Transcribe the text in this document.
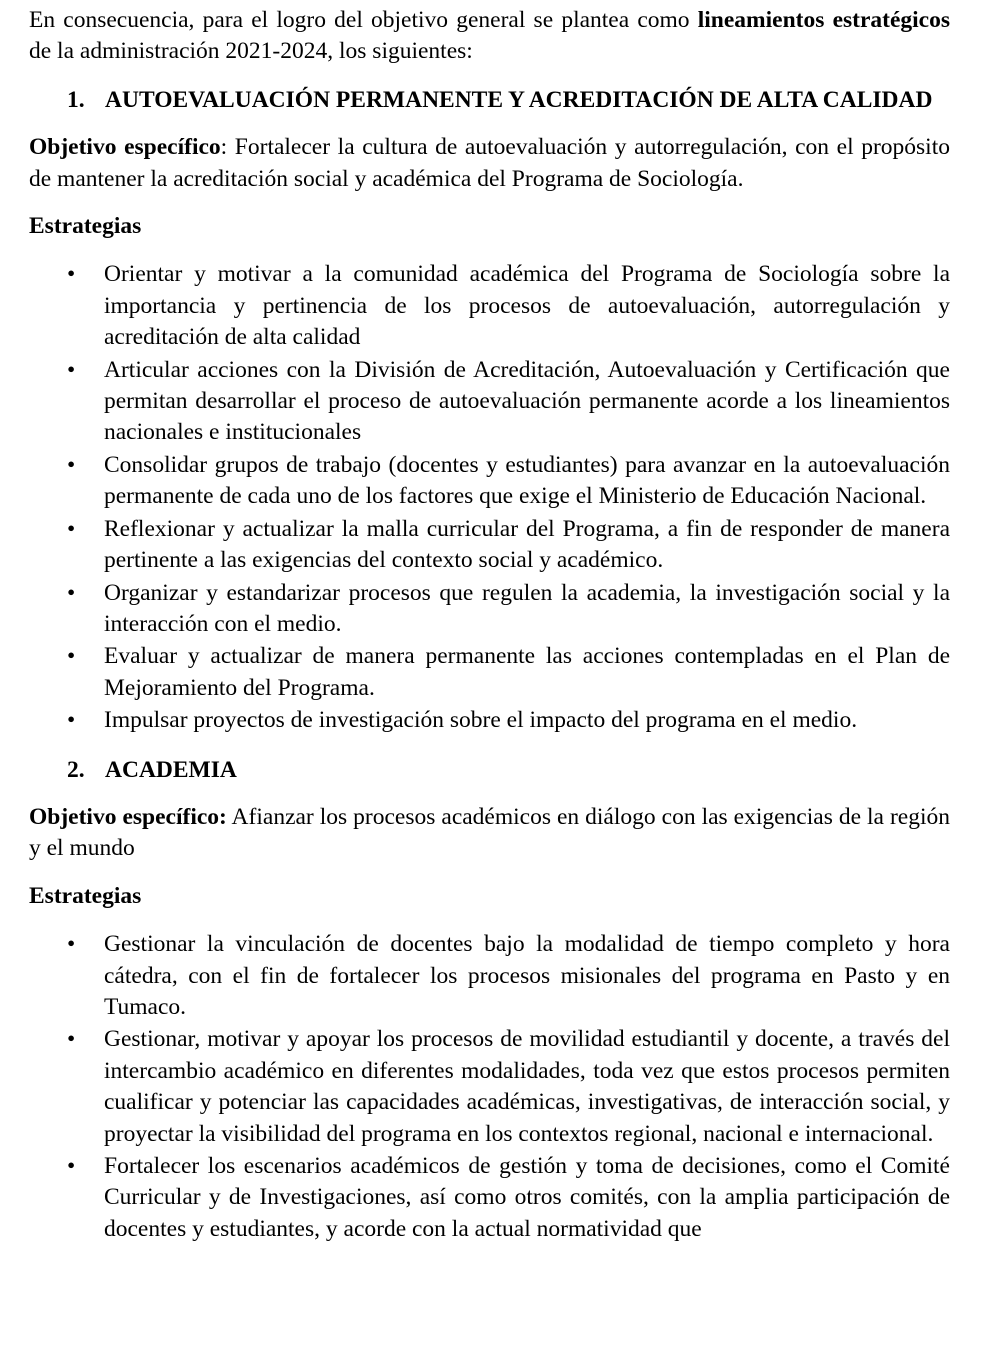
En consecuencia, para el logro del objetivo general se plantea como lineamientos estratégicos de la administración 2021-2024, los siguientes:

1. AUTOEVALUACIÓN PERMANENTE Y ACREDITACIÓN DE ALTA CALIDAD

Objetivo específico: Fortalecer la cultura de autoevaluación y autorregulación, con el propósito de mantener la acreditación social y académica del Programa de Sociología.

Estrategias

•
Orientar y motivar a la comunidad académica del Programa de Sociología sobre la importancia y pertinencia de los procesos de autoevaluación, autorregulación y acreditación de alta calidad
•
Articular acciones con la División de Acreditación, Autoevaluación y Certificación que permitan desarrollar el proceso de autoevaluación permanente acorde a los lineamientos nacionales e institucionales
•
Consolidar grupos de trabajo (docentes y estudiantes) para avanzar en la autoevaluación permanente de cada uno de los factores que exige el Ministerio de Educación Nacional.
•
Reflexionar y actualizar la malla curricular del Programa, a fin de responder de manera pertinente a las exigencias del contexto social y académico.
•
Organizar y estandarizar procesos que regulen la academia, la investigación social y la interacción con el medio.
•
Evaluar y actualizar de manera permanente las acciones contempladas en el Plan de Mejoramiento del Programa.
•
Impulsar proyectos de investigación sobre el impacto del programa en el medio.
2. ACADEMIA

Objetivo específico: Afianzar los procesos académicos en diálogo con las exigencias de la región y el mundo

Estrategias

•
Gestionar la vinculación de docentes bajo la modalidad de tiempo completo y hora cátedra, con el fin de fortalecer los procesos misionales del programa en Pasto y en Tumaco.
•
Gestionar, motivar y apoyar los procesos de movilidad estudiantil y docente, a través del intercambio académico en diferentes modalidades, toda vez que estos procesos permiten cualificar y potenciar las capacidades académicas, investigativas, de interacción social, y proyectar la visibilidad del programa en los contextos regional, nacional e internacional.
•
Fortalecer los escenarios académicos de gestión y toma de decisiones, como el Comité Curricular y de Investigaciones, así como otros comités, con la amplia participación de docentes y estudiantes, y acorde con la actual normatividad que
